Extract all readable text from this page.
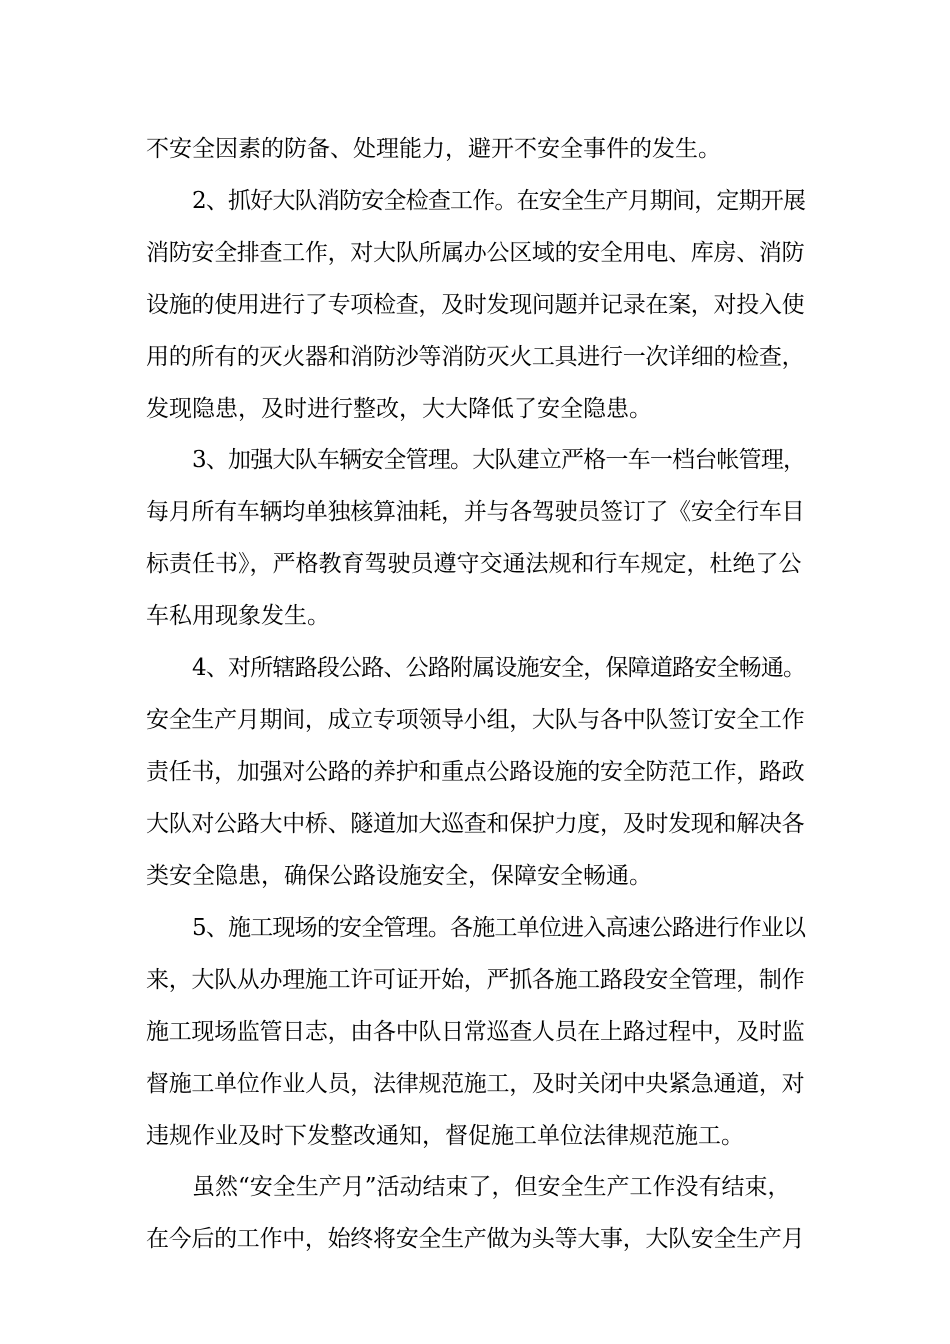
不安全因素的防备、处理能力，避开不安全事件的发生。

2、抓好大队消防安全检查工作。在安全生产月期间，定期开展

消防安全排查工作，对大队所属办公区域的安全用电、库房、消防

设施的使用进行了专项检查，及时发现问题并记录在案，对投入使

用的所有的灭火器和消防沙等消防灭火工具进行一次详细的检查，

发现隐患，及时进行整改，大大降低了安全隐患。

3、加强大队车辆安全管理。大队建立严格一车一档台帐管理，

每月所有车辆均单独核算油耗，并与各驾驶员签订了《安全行车目

标责任书》，严格教育驾驶员遵守交通法规和行车规定，杜绝了公

车私用现象发生。

4、对所辖路段公路、公路附属设施安全，保障道路安全畅通。

安全生产月期间，成立专项领导小组，大队与各中队签订安全工作

责任书，加强对公路的养护和重点公路设施的安全防范工作，路政

大队对公路大中桥、隧道加大巡查和保护力度，及时发现和解决各

类安全隐患，确保公路设施安全，保障安全畅通。

5、施工现场的安全管理。各施工单位进入高速公路进行作业以

来，大队从办理施工许可证开始，严抓各施工路段安全管理，制作

施工现场监管日志，由各中队日常巡查人员在上路过程中，及时监

督施工单位作业人员，法律规范施工，及时关闭中央紧急通道，对

违规作业及时下发整改通知，督促施工单位法律规范施工。

虽然“安全生产月”活动结束了，但安全生产工作没有结束，

在今后的工作中，始终将安全生产做为头等大事，大队安全生产月
